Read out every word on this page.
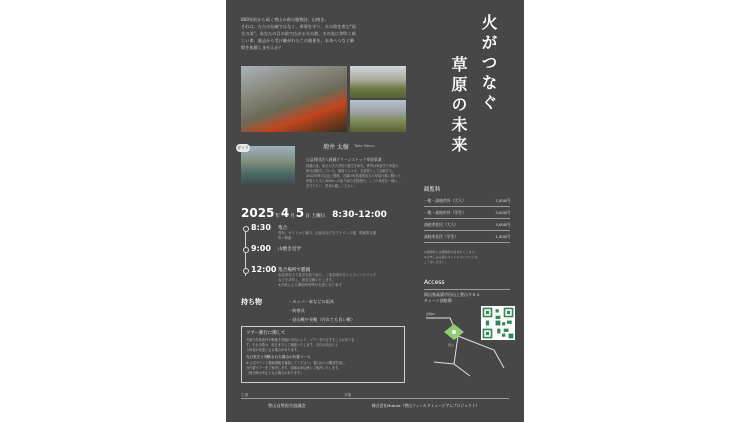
800年前から続く曽山の春の風物詩、山焼き。
それは、ただの伝統ではなく、草原を守り、火の命を育む"再
生の炎"。あなたの目の前で広がる火の波、その先に芽吹く新
しい命。過去から受け継がれたこの風景を、未来へつなぐ瞬
間を体験しませんか？	火がつなぐ
草原の未来
ガイド	増井 太樹 Taiki Masui
公益財団法人阿蘇グリーンストック草原事業
阿蘇出身。東京大学大学院で植生を研究。専門は草原学で草原の
保全活動をしている。環境と人々が、支援者として活動する。
2012年株式会社に開業。近隣の町役場等担当の草原行事に関わり、
草原とともにSDGsへの取り組みを推進中。ここの草原を一緒に
見守りたい、是非お越しください。
2025年4月5日 土曜日 8:30-12:00
8:30 集合
受付、ガイドから案内、注意点などをアナウンス後、現地集合場
所へ移動
9:00 山焼き見学
12:00 集合場所で懇親
参加者同士で見学を振り返り、ご参加者の方々とフィードバック
などを共有し、意見交換いたします。
※天候により開始時刻等が変更になります
持ち物	・カッパ・傘などの雨具
・防寒具
・昼山靴や長靴（汚れても良い靴）
ツアー催行に関して
天候や気象条件や野焼き実施の可否により、ツアーを中止することがありま
す。中止の際は、前日までにご連絡いたします。当日の状況によ
り内容が変更になる場合があります。
当日荒天と判断された場合の代替コース
※ 公式サイトで最新情報を確認してください。曽山からの眺望を楽し
む代替ツアーをご案内します。詳細は申込時にご案内いたします。
（雨天時は中止となる場合があります）
観覧料
一般・高校市外（大人）	7,000円
一般・高校市外（学生）	3,000円
高校市住民（大人）	3,000円
高校市住民（学生）	1,500円
※保険料には保険料が含まれています。
※お申し込み後のキャンセルについては
ご了承ください。
Access
岡山県高梁市田山上曽山９８４
チェーン前駐場
倉敷IC
曽山
主催
曽山自然再生協議会
共催
株式会社Muture（曽山フィールドミュージアムプロジェクト）
